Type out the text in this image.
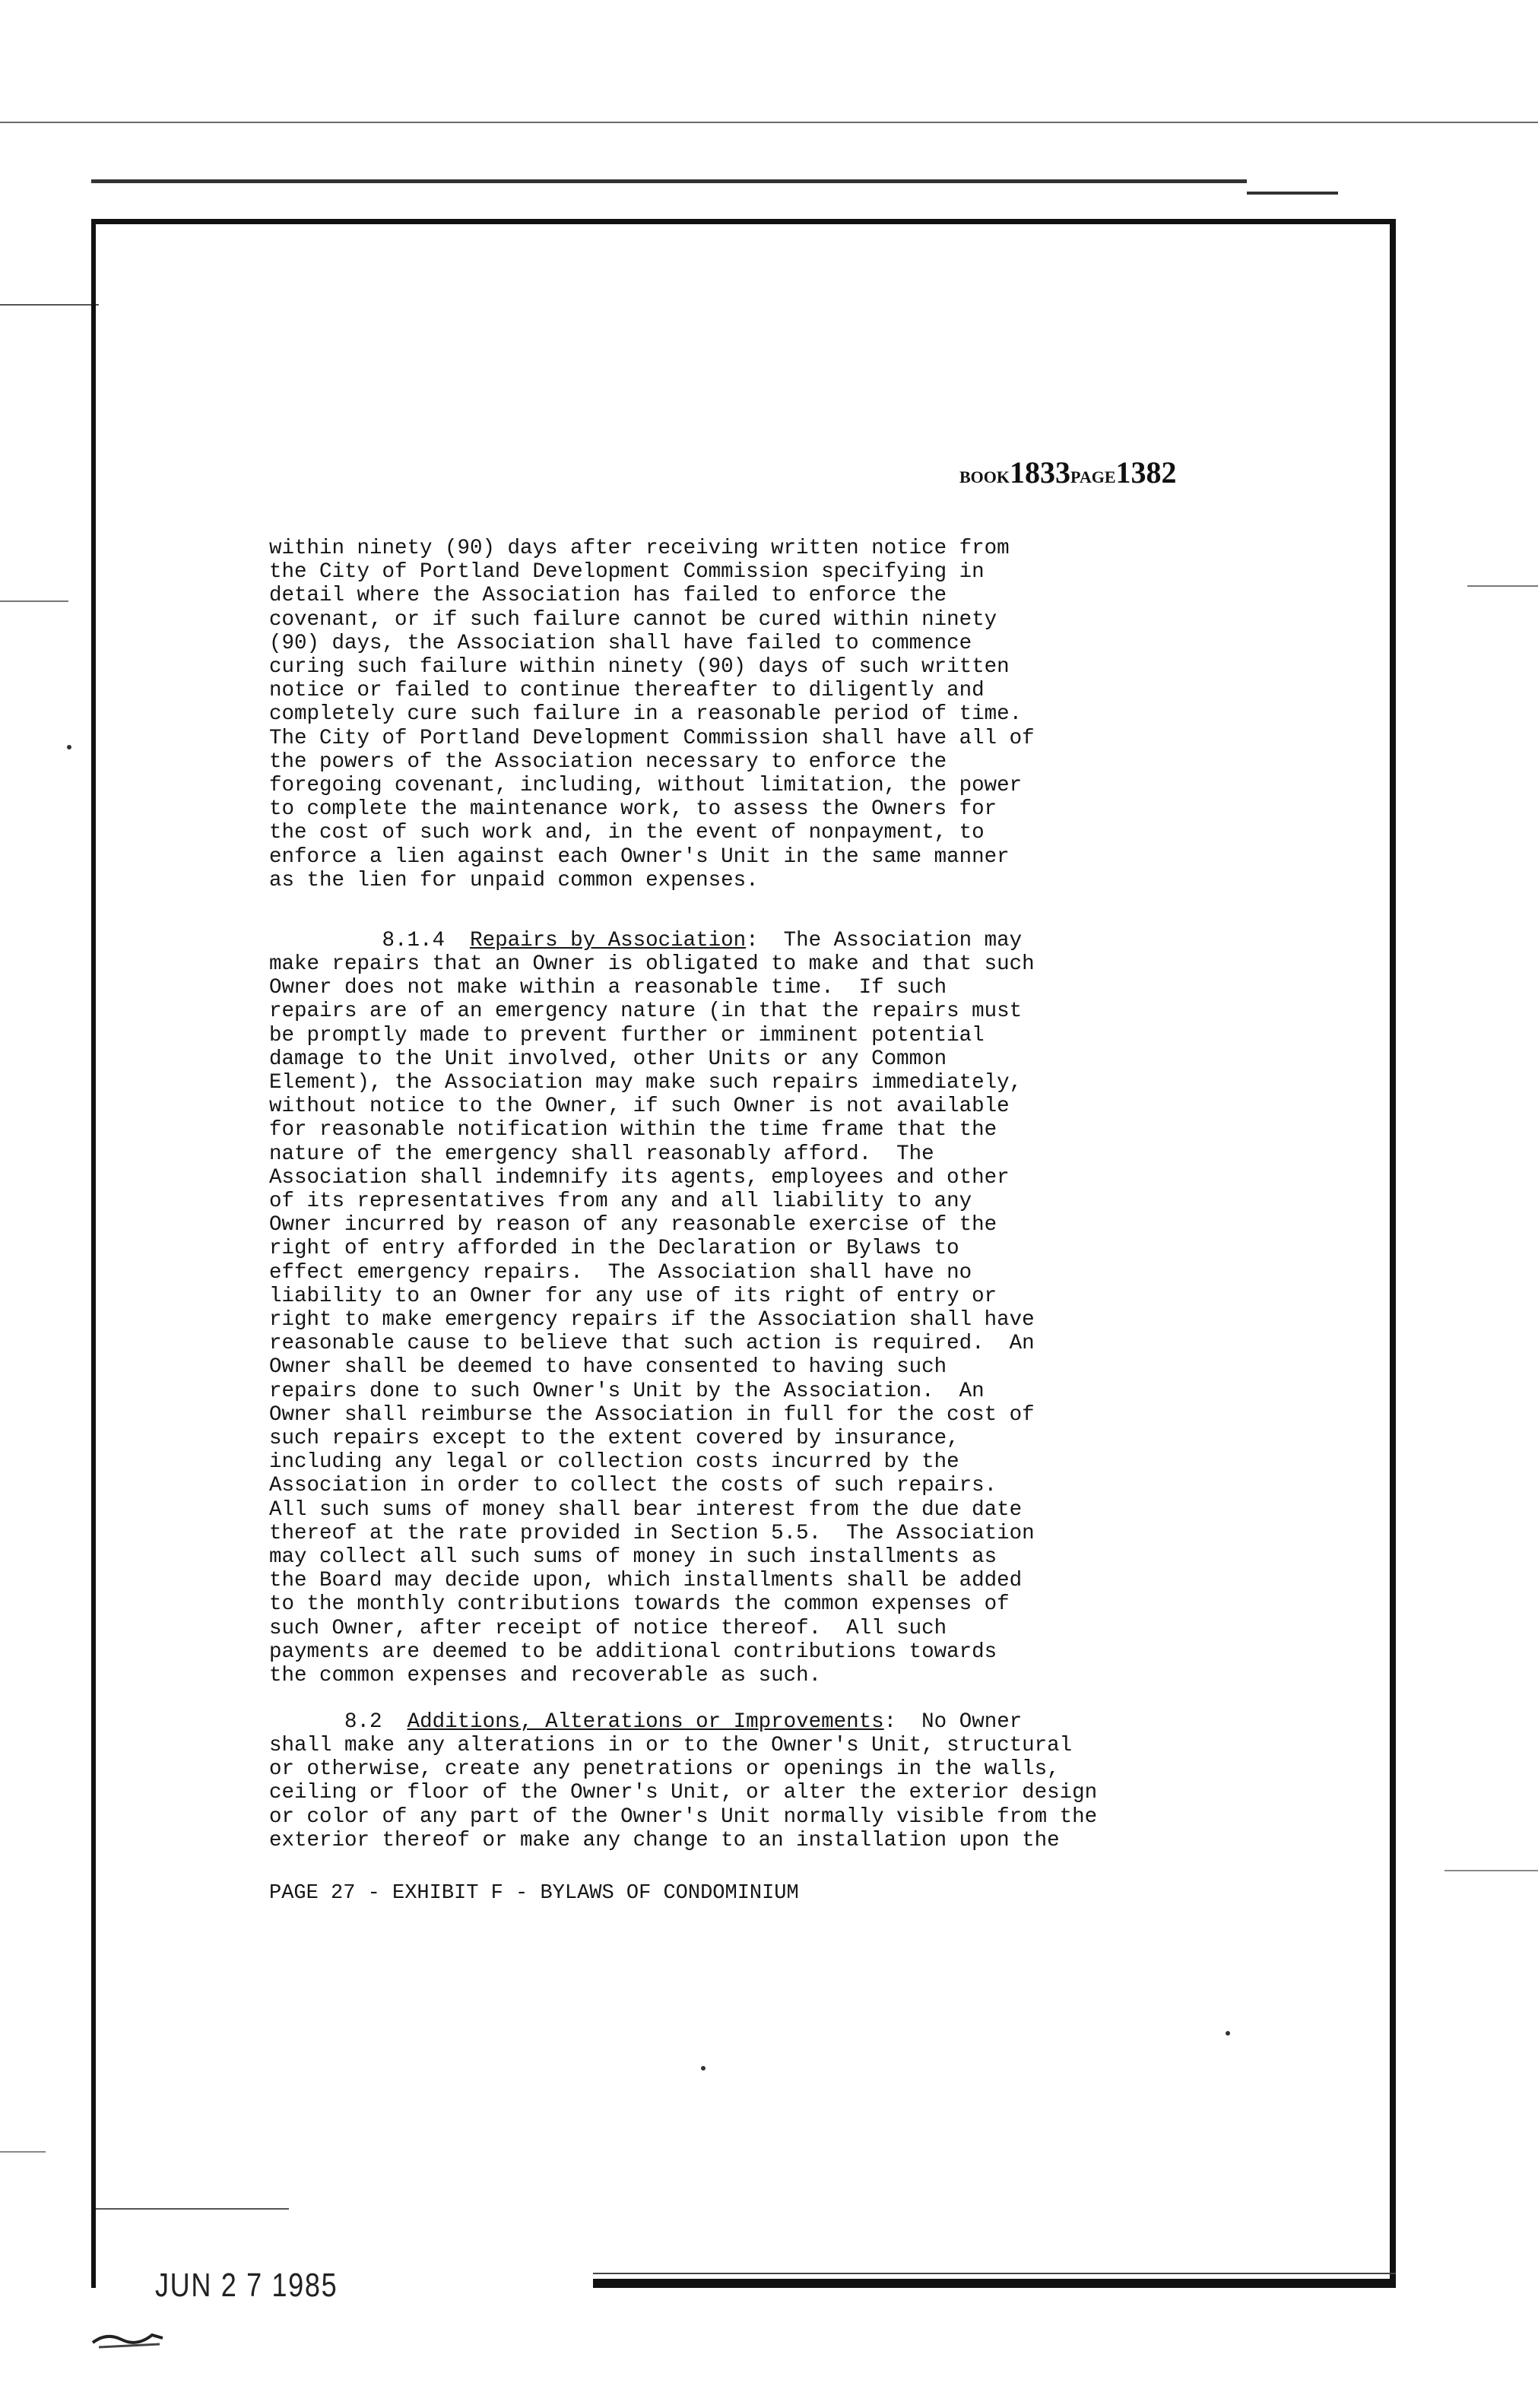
BOOK1833PAGE1382
within ninety (90) days after receiving written notice from
the City of Portland Development Commission specifying in
detail where the Association has failed to enforce the
covenant, or if such failure cannot be cured within ninety
(90) days, the Association shall have failed to commence
curing such failure within ninety (90) days of such written
notice or failed to continue thereafter to diligently and
completely cure such failure in a reasonable period of time.
The City of Portland Development Commission shall have all of
the powers of the Association necessary to enforce the
foregoing covenant, including, without limitation, the power
to complete the maintenance work, to assess the Owners for
the cost of such work and, in the event of nonpayment, to
enforce a lien against each Owner's Unit in the same manner
as the lien for unpaid common expenses.
8.1.4 Repairs by Association:  The Association may
make repairs that an Owner is obligated to make and that such
Owner does not make within a reasonable time.  If such
repairs are of an emergency nature (in that the repairs must
be promptly made to prevent further or imminent potential
damage to the Unit involved, other Units or any Common
Element), the Association may make such repairs immediately,
without notice to the Owner, if such Owner is not available
for reasonable notification within the time frame that the
nature of the emergency shall reasonably afford.  The
Association shall indemnify its agents, employees and other
of its representatives from any and all liability to any
Owner incurred by reason of any reasonable exercise of the
right of entry afforded in the Declaration or Bylaws to
effect emergency repairs.  The Association shall have no
liability to an Owner for any use of its right of entry or
right to make emergency repairs if the Association shall have
reasonable cause to believe that such action is required.  An
Owner shall be deemed to have consented to having such
repairs done to such Owner's Unit by the Association.  An
Owner shall reimburse the Association in full for the cost of
such repairs except to the extent covered by insurance,
including any legal or collection costs incurred by the
Association in order to collect the costs of such repairs.
All such sums of money shall bear interest from the due date
thereof at the rate provided in Section 5.5.  The Association
may collect all such sums of money in such installments as
the Board may decide upon, which installments shall be added
to the monthly contributions towards the common expenses of
such Owner, after receipt of notice thereof.  All such
payments are deemed to be additional contributions towards
the common expenses and recoverable as such.
8.2 Additions, Alterations or Improvements:  No Owner
shall make any alterations in or to the Owner's Unit, structural
or otherwise, create any penetrations or openings in the walls,
ceiling or floor of the Owner's Unit, or alter the exterior design
or color of any part of the Owner's Unit normally visible from the
exterior thereof or make any change to an installation upon the
PAGE 27 - EXHIBIT F - BYLAWS OF CONDOMINIUM
JUN 2 7 1985
